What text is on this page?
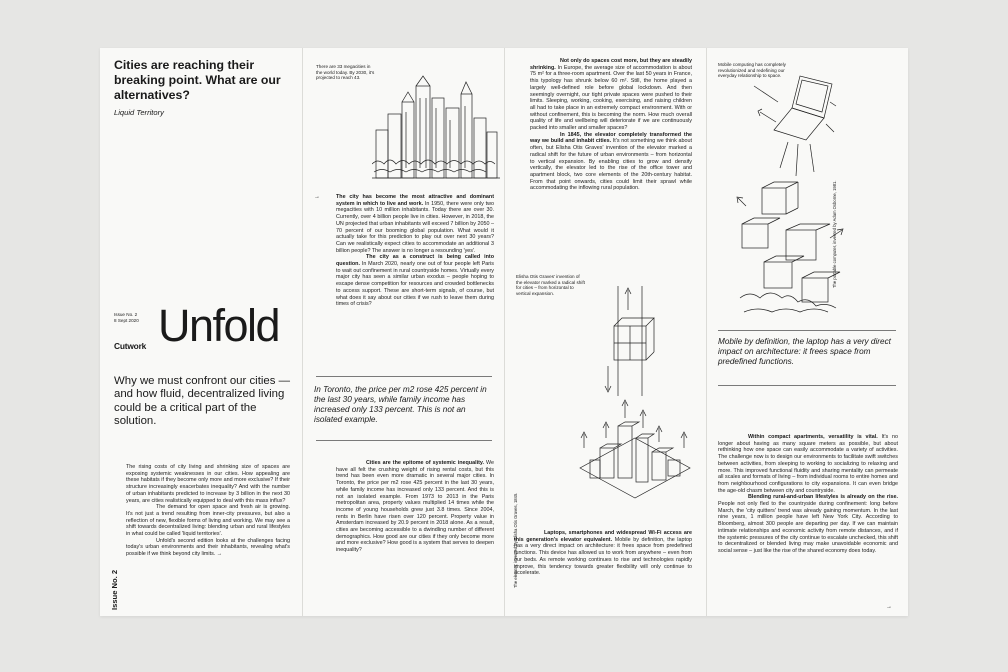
Cities are reaching their breaking point. What are our alternatives?
Liquid Territory
Issue No. 2
8 Sept 2020
Cutwork Unfold
Why we must confront our cities — and how fluid, decentralized living could be a critical part of the solution.
The rising costs of city living and shrinking size of spaces are exposing systemic weaknesses in our cities. How appealing are these habitats if they become only more and more exclusive? If their structure increasingly exacerbates inequality? And with the number of urban inhabitants predicted to increase by 3 billion in the next 30 years, are cities realistically equipped to deal with this mass influx?
The demand for open space and fresh air is growing. It's not just a trend resulting from inner-city pressures, but also a reflection of new, flexible forms of living and working. We may see a shift towards decentralized living: blending urban and rural lifestyles in what could be called 'liquid territories'.
Unfold's second edition looks at the challenges facing today's urban environments and their inhabitants, revealing what's possible if we think beyond city limits. →
Issue No. 2
There are 33 megacities in the world today. By 2030, it's projected to reach 43.
→	The city has become the most attractive and dominant system in which to live and work. In 1950, there were only two megacities with 10 million inhabitants. Today there are over 30. Currently, over 4 billion people live in cities. However, in 2018, the UN projected that urban inhabitants will exceed 7 billion by 2050 – 70 percent of our booming global population. What would it actually take for this prediction to play out over next 30 years? Can we realistically expect cities to accommodate an additional 3 billion people? The answer is no longer a resounding 'yes'.
The city as a construct is being called into question. In March 2020, nearly one out of four people left Paris to wait out confinement in rural countryside homes. Virtually every major city has seen a similar urban exodus – people hoping to escape dense competition for resources and crowded bottlenecks to access support. These are short-term signals, of course, but what does it say about our cities if we rush to leave them during times of crisis?
In Toronto, the price per m2 rose 425 percent in the last 30 years, while family income has increased only 133 percent. This is not an isolated example.
Cities are the epitome of systemic inequality. We have all felt the crushing weight of rising rental costs, but this trend has been even more dramatic in several major cities. In Toronto, the price per m2 rose 425 percent in the last 30 years, while family income has increased only 133 percent. And this is not an isolated example. From 1973 to 2013 in the Paris metropolitan area, property values multiplied 14 times while the income of young households grew just 3.8 times. Since 2004, rents in Berlin have risen over 120 percent. Property value in Amsterdam increased by 20.9 percent in 2018 alone. As a result, cities are becoming accessible to a dwindling number of different demographics. How good are our cities if they only become more and more exclusive? How good is a system that serves to deepen inequality?
Not only do spaces cost more, but they are steadily shrinking. In Europe, the average size of accommodation is about 75 m² for a three-room apartment. Over the last 50 years in France, this typology has shrunk below 60 m². Still, the home played a largely well-defined role before global lockdown. And then seemingly overnight, our tight private spaces were pushed to their limits. Sleeping, working, cooking, exercising, and raising children all had to take place in an extremely compact environment. With or without confinement, this is becoming the norm. How much overall quality of life and wellbeing will deteriorate if we are continuously packed into smaller and smaller spaces?
In 1845, the elevator completely transformed the way we build and inhabit cities. It's not something we think about often, but Elisha Otis Graves' invention of the elevator marked a radical shift for the future of urban environments – from horizontal to vertical expansion. By enabling cities to grow and densify vertically, the elevator led to the rise of the office tower and apartment block, two core elements of the 20th-century habitat. From that point onwards, cities could limit their sprawl while accommodating the inflowing rural population.
Elisha Otis Graves' invention of the elevator marked a radical shift for cities – from horizontal to vertical expansion.
The elevator, invented by Elisha Otis Graves, 1845.	Laptops, smartphones and widespread Wi-Fi access are this generation's elevator equivalent. Mobile by definition, the laptop has a very direct impact on architecture: it frees space from predefined functions. This device has allowed us to work from anywhere – even from our beds. As remote working continues to rise and technologies rapidly improve, this tendency towards greater flexibility will only continue to accelerate.
Mobile computing has completely revolutionized and redefining our everyday relationship to space.
The portable computer, invented by Adam Osborne, 1981.
Mobile by definition, the laptop has a very direct impact on architecture: it frees space from predefined functions.
Within compact apartments, versatility is vital. It's no longer about having as many square meters as possible, but about rethinking how one space can easily accommodate a variety of activities. The challenge now is to design our environments to facilitate swift switches between activities, from sleeping to working to socializing to relaxing and more. This improved functional fluidity and sharing mentality can permeate all scales and formats of living – from individual rooms to entire homes and from neighbourhood configurations to city expansions. It can even bridge the age-old chasm between city and countryside.
Blending rural-and-urban lifestyles is already on the rise. People not only fled to the countryside during confinement: long before March, the 'city quitters' trend was already gaining momentum. In the last nine years, 1 million people have left New York City. According to Bloomberg, almost 300 people are departing per day. If we can maintain intimate relationships and economic activity from remote distances, and if the systemic pressures of the city continue to escalate unchecked, this shift to decentralized or blended living may make unavoidable economic and social sense – just like the rise of the shared economy does today.
→
